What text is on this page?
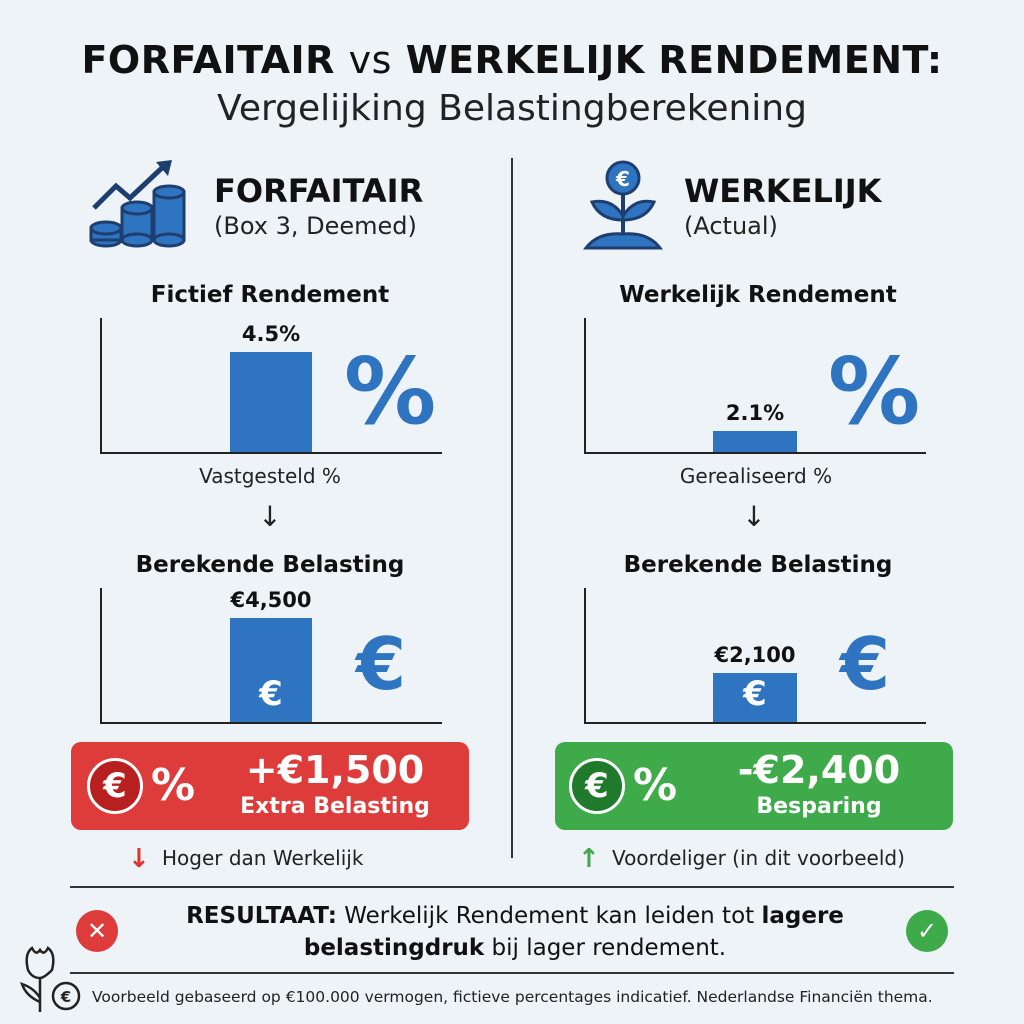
FORFAITAIR vs WERKELIJK RENDEMENT:
Vergelijking Belastingberekening
FORFAITAIR
(Box 3, Deemed)
Fictief Rendement
4.5%
%
Vastgesteld %
↓
Berekende Belasting
€
€4,500
€
€ %	+€1,500
Extra Belasting
↓ Hoger dan Werkelijk
€ WERKELIJK
(Actual)
Werkelijk Rendement
2.1% %
Gerealiseerd %
↓
Berekende Belasting
€
€2,100 €
€ %	-€2,400
Besparing
↑ Voordeliger (in dit voorbeeld)
✕	✓
RESULTAAT: Werkelijk Rendement kan leiden tot lagere
belastingdruk bij lager rendement.
€ Voorbeeld gebaseerd op €100.000 vermogen, fictieve percentages indicatief. Nederlandse Financiën thema.
